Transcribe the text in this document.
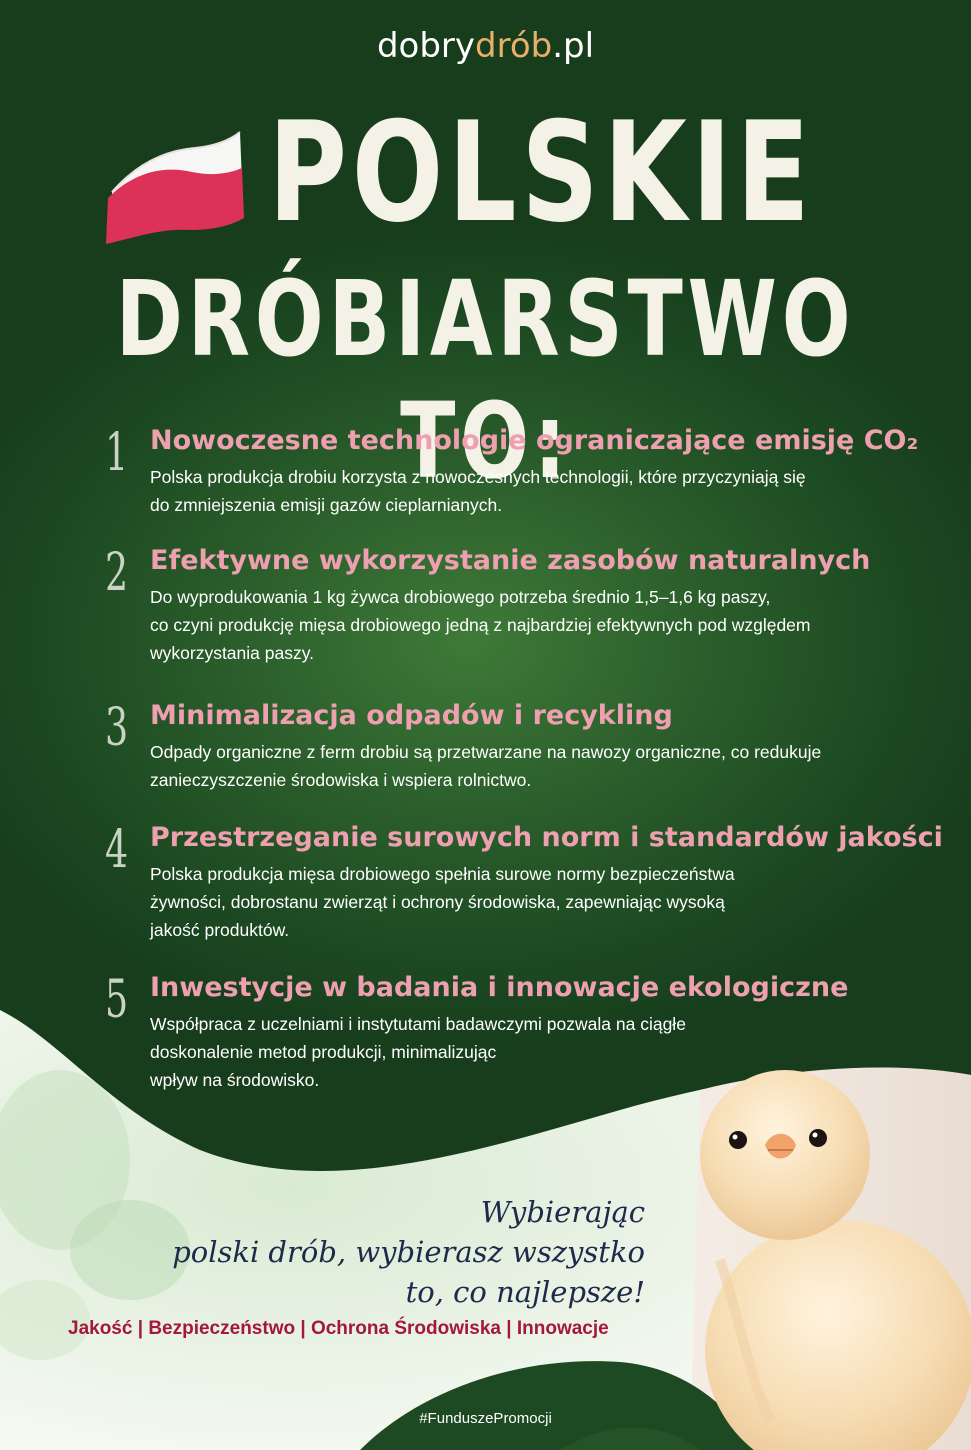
dobrydrób.pl
POLSKIE
DRÓBIARSTWO TO:
1 Nowoczesne technologie ograniczające emisję CO₂
Polska produkcja drobiu korzysta z nowoczesnych technologii, które przyczyniają się
do zmniejszenia emisji gazów cieplarnianych.
2 Efektywne wykorzystanie zasobów naturalnych
Do wyprodukowania 1 kg żywca drobiowego potrzeba średnio 1,5–1,6 kg paszy,
co czyni produkcję mięsa drobiowego jedną z najbardziej efektywnych pod względem
wykorzystania paszy.
3 Minimalizacja odpadów i recykling
Odpady organiczne z ferm drobiu są przetwarzane na nawozy organiczne, co redukuje
zanieczyszczenie środowiska i wspiera rolnictwo.
4 Przestrzeganie surowych norm i standardów jakości
Polska produkcja mięsa drobiowego spełnia surowe normy bezpieczeństwa
żywności, dobrostanu zwierząt i ochrony środowiska, zapewniając wysoką
jakość produktów.
5 Inwestycje w badania i innowacje ekologiczne
Współpraca z uczelniami i instytutami badawczymi pozwala na ciągłe
doskonalenie metod produkcji, minimalizując
wpływ na środowisko.
Wybierając
polski drób, wybierasz wszystko
to, co najlepsze!
Jakość | Bezpieczeństwo | Ochrona Środowiska | Innowacje
#FunduszePromocji
